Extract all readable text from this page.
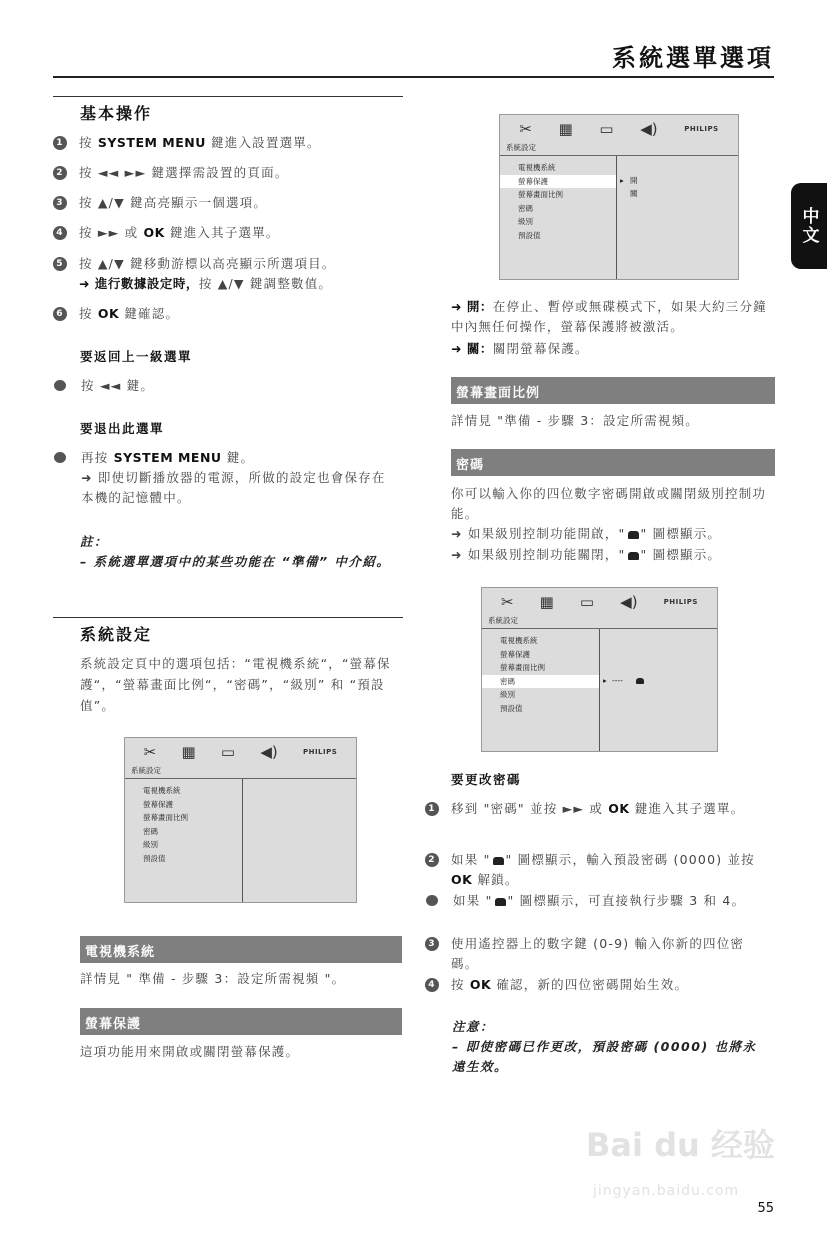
系統選單選項
中文
基本操作
1 按 SYSTEM MENU 鍵進入設置選單。
2 按 ◄◄ ►► 鍵選擇需設置的頁面。
3 按 ▲/▼ 鍵高亮顯示一個選項。
4 按 ►► 或 OK 鍵進入其子選單。
5 按 ▲/▼ 鍵移動游標以高亮顯示所選項目。
➜ 進行數據設定時，按 ▲/▼ 鍵調整數值。
6 按 OK 鍵確認。
要返回上一級選單
按 ◄◄ 鍵。
要退出此選單
再按 SYSTEM MENU 鍵。
➜ 即使切斷播放器的電源，所做的設定也會保存在本機的記憶體中。
註：
– 系統選單選項中的某些功能在 “準備” 中介紹。
系統設定
系統設定頁中的選項包括：“電視機系統“，“螢幕保護“，“螢幕畫面比例“，“密碼”，“級別” 和 “預設值”。
✂ ▦ ▭ ◀)	PHILIPS
系統設定
電視機系統
螢幕保護
螢幕畫面比例
密碼
級別
預設值
電視機系統
詳情見 " 準備 - 步驟 3：設定所需視頻 "。
螢幕保護
這項功能用來開啟或關閉螢幕保護。
✂ ▦ ▭ ◀)	PHILIPS
系統設定
電視機系統
螢幕保護
螢幕畫面比例
密碼
級別
預設值
▸ 開
關
➜ 開：在停止、暫停或無碟模式下，如果大約三分鐘中內無任何操作，螢幕保護將被激活。
➜ 關：關閉螢幕保護。
螢幕畫面比例
詳情見 "準備 - 步驟 3：設定所需視頻。
密碼
你可以輸入你的四位數字密碼開啟或關閉級別控制功能。
➜ 如果級別控制功能開啟，" " 圖標顯示。
➜ 如果級別控制功能關閉，" " 圖標顯示。
✂ ▦ ▭ ◀)	PHILIPS
系統設定
電視機系統
螢幕保護
螢幕畫面比例
密碼
級別
預設值
▸ ----
要更改密碼
1 移到 "密碼" 並按 ►► 或 OK 鍵進入其子選單。
2 如果 " " 圖標顯示，輸入預設密碼 (0000) 並按 OK 解鎖。
如果 " " 圖標顯示，可直接執行步驟 3 和 4。
3 使用遙控器上的數字鍵 (0-9) 輸入你新的四位密碼。
4 按 OK 確認，新的四位密碼開始生效。
注意：
– 即使密碼已作更改，預設密碼 (0000) 也將永遠生效。
Bai du 经验
jingyan.baidu.com
55
